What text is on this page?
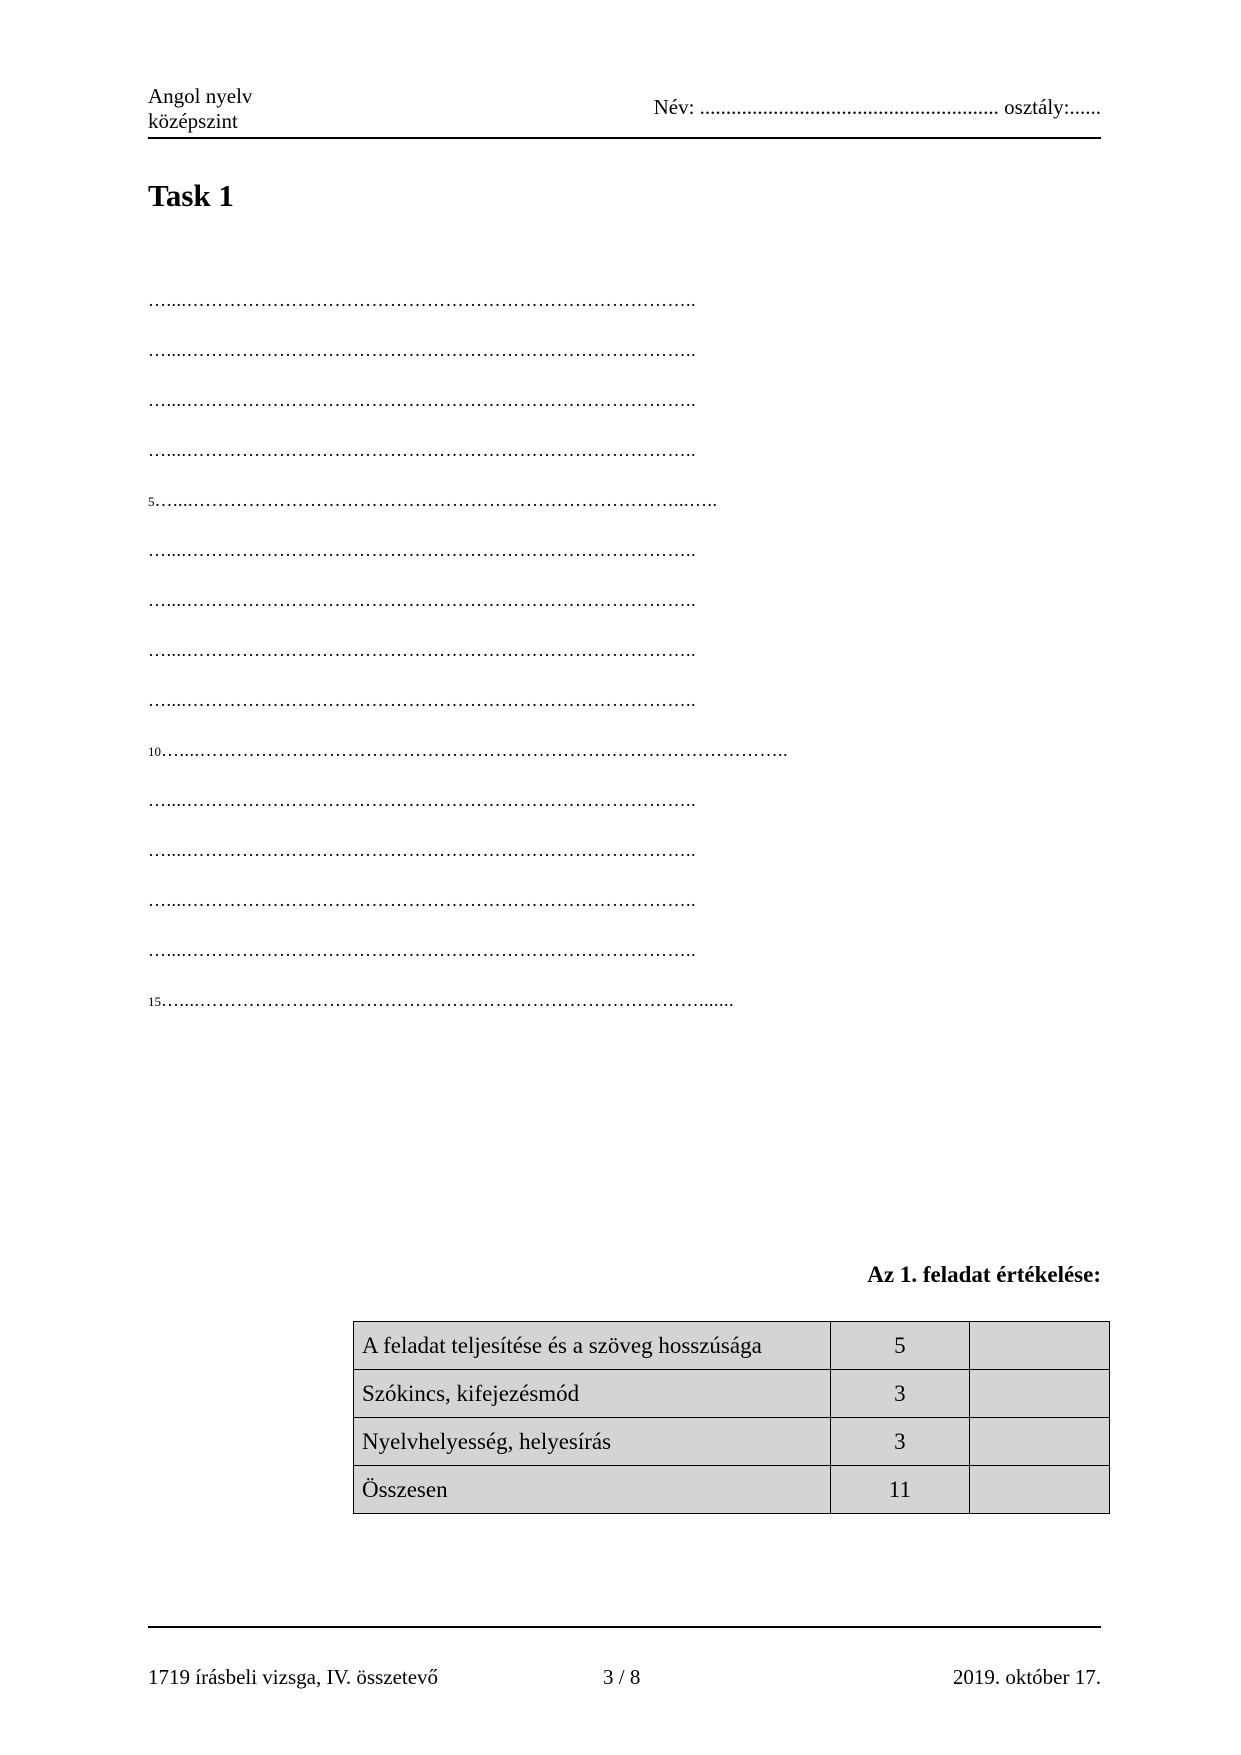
Angol nyelv
középszint
Név: ......................................................... osztály:......
Task 1
…....………………………………………………………………………..
…....………………………………………………………………………..
…....………………………………………………………………………..
…....………………………………………………………………………..
5…....……………………………………………………………………...…..
…....………………………………………………………………………..
…....………………………………………………………………………..
…....………………………………………………………………………..
…....………………………………………………………………………..
10…....………………………………………………………….………………………..
…....………………………………………………………………………..
…....………………………………………………………………………..
…....………………………………………………………………………..
…....………………………………………………………………………..
15…....……………………………………………………………………….......
Az 1. feladat értékelése:
A feladat teljesítése és a szöveg hosszúsága	5	
Szókincs, kifejezésmód	3	
Nyelvhelyesség, helyesírás	3	
Összesen	11	
1719 írásbeli vizsga, IV. összetevő	3 / 8	2019. október 17.
